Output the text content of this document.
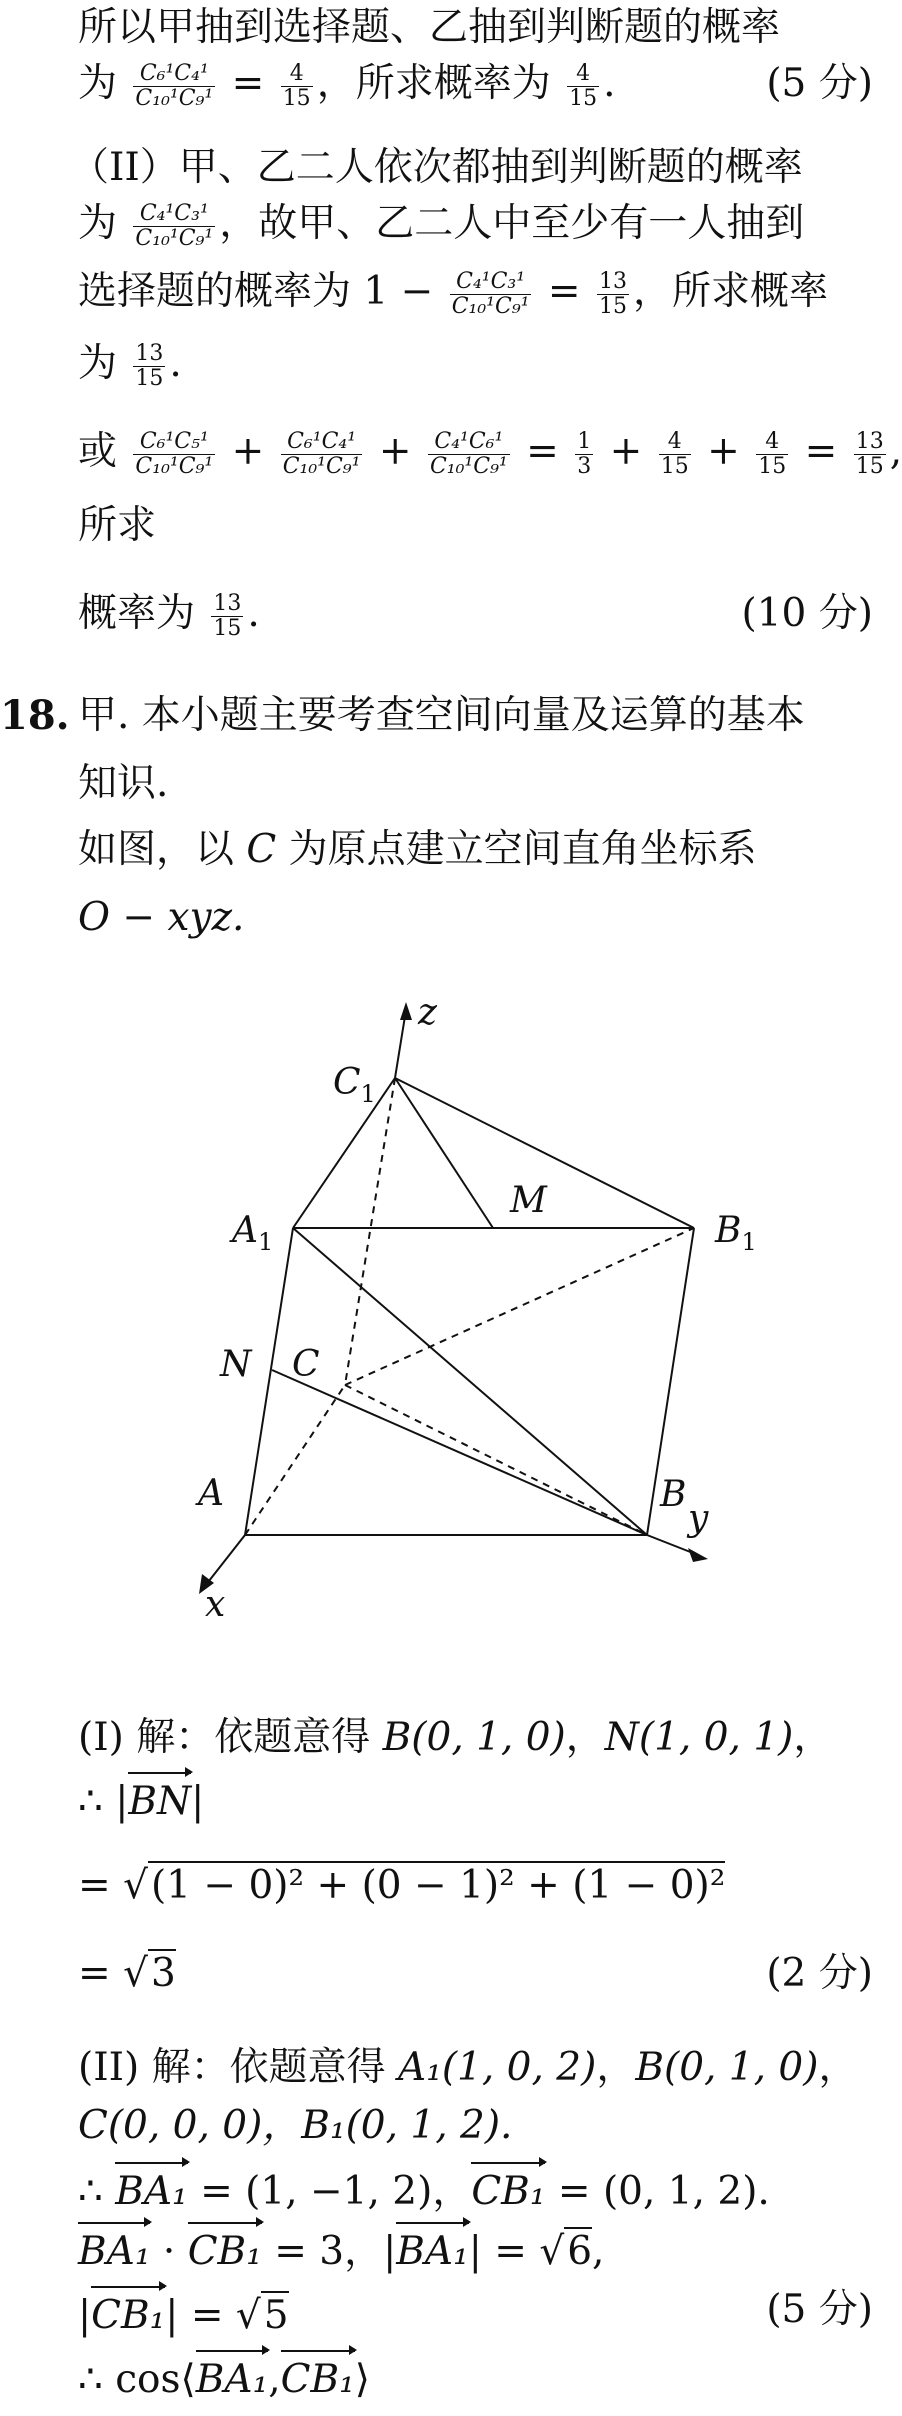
所以甲抽到选择题、乙抽到判断题的概率
为 $\frac{\text{C₆¹C₄¹}}{\text{C₁₀¹C₉¹}} = \frac{4}{15}$ ，所求概率为 $\frac{4}{15}$ .	(5 分)
（II）甲、乙二人依次都抽到判断题的概率
为 $\frac{\text{C₄¹C₃¹}}{\text{C₁₀¹C₉¹}}$ ，故甲、乙二人中至少有一人抽到
选择题的概率为 $1 - \frac{\text{C₄¹C₃¹}}{\text{C₁₀¹C₉¹}} = \frac{13}{15}$ ，所求概率
为 $\frac{13}{15}$ .
或 $\frac{\text{C₆¹C₅¹}}{\text{C₁₀¹C₉¹}} + \frac{\text{C₆¹C₄¹}}{\text{C₁₀¹C₉¹}} + \frac{\text{C₄¹C₆¹}}{\text{C₁₀¹C₉¹}} = \frac{1}{3} + \frac{4}{15} + \frac{4}{15} = \frac{13}{15}$ ,
所求
概率为 $\frac{13}{15}$ .	(10 分)
18. 甲. 本小题主要考查空间向量及运算的基本
知识.
如图，以 C 为原点建立空间直角坐标系
O − xyz.
z
$C_1$
M
$A_1$	$B_1$
N C
A	B
y
x
(I) 解：依题意得 B(0, 1, 0)，N(1, 0, 1)，
∴ |BN|
= √(1 − 0)² + (0 − 1)² + (1 − 0)²
= √3	(2 分)
(II) 解：依题意得 A₁(1, 0, 2)，B(0, 1, 0)，
C(0, 0, 0)，B₁(0, 1, 2).
∴ BA₁ = (1, −1, 2)，CB₁ = (0, 1, 2).
BA₁ · CB₁ = 3，|BA₁| = √6,
|CB₁| = √5	(5 分)
∴ cos⟨BA₁,CB₁⟩
